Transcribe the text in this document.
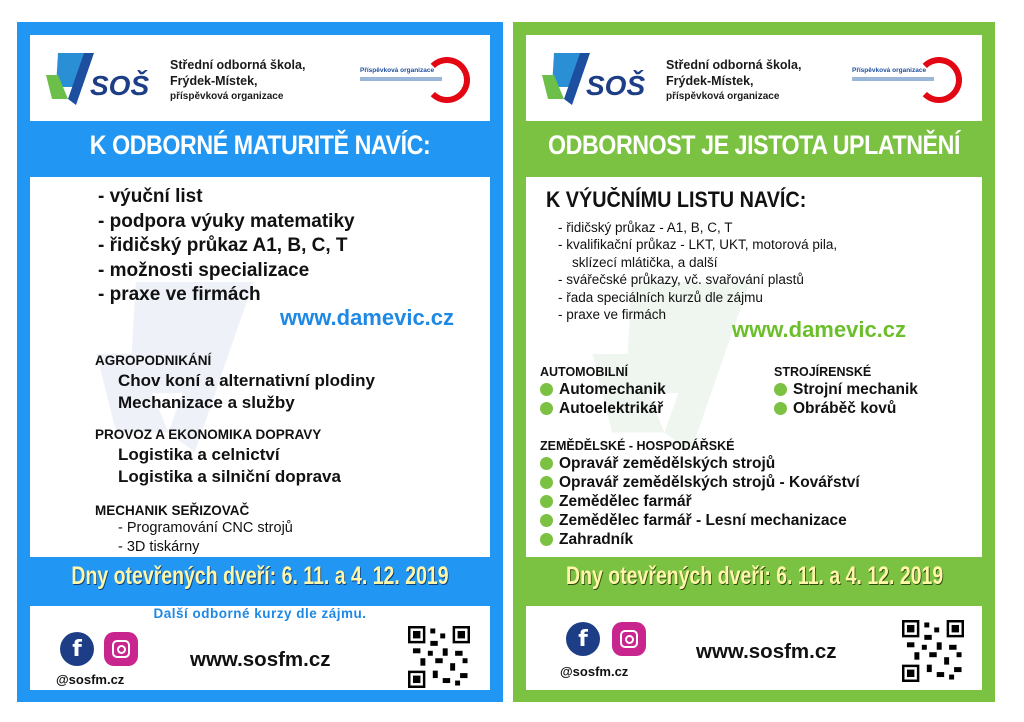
SOŠ
Střední odborná škola,
Frýdek-Místek,
příspěvková organizace
Příspěvková organizace
K ODBORNÉ MATURITĚ NAVÍC:
- výuční list
- podpora výuky matematiky
- řidičský průkaz A1, B, C, T
- možnosti specializace
- praxe ve firmách
www.damevic.cz
AGROPODNIKÁNÍ
Chov koní a alternativní plodiny
Mechanizace a služby
PROVOZ A EKONOMIKA DOPRAVY
Logistika a celnictví
Logistika a silniční doprava
MECHANIK SEŘIZOVAČ
- Programování CNC strojů
- 3D tiskárny
Dny otevřených dveří: 6. 11. a 4. 12. 2019
Další odborné kurzy dle zájmu.
f
@sosfm.cz
www.sosfm.cz
SOŠ
Střední odborná škola,
Frýdek-Místek,
příspěvková organizace
Příspěvková organizace
ODBORNOST JE JISTOTA UPLATNĚNÍ
K VÝUČNÍMU LISTU NAVÍC:
- řidičský průkaz - A1, B, C, T
- kvalifikační průkaz - LKT, UKT, motorová pila,
sklízecí mlátička, a další
- svářečské průkazy, vč. svařování plastů
- řada speciálních kurzů dle zájmu
- praxe ve firmách
www.damevic.cz
AUTOMOBILNÍ
Automechanik
Autoelektrikář
STROJÍRENSKÉ
Strojní mechanik
Obráběč kovů
ZEMĚDĚLSKÉ - HOSPODÁŘSKÉ
Opravář zemědělských strojů
Opravář zemědělských strojů - Kovářství
Zemědělec farmář
Zemědělec farmář - Lesní mechanizace
Zahradník
Dny otevřených dveří: 6. 11. a 4. 12. 2019
f
@sosfm.cz
www.sosfm.cz
